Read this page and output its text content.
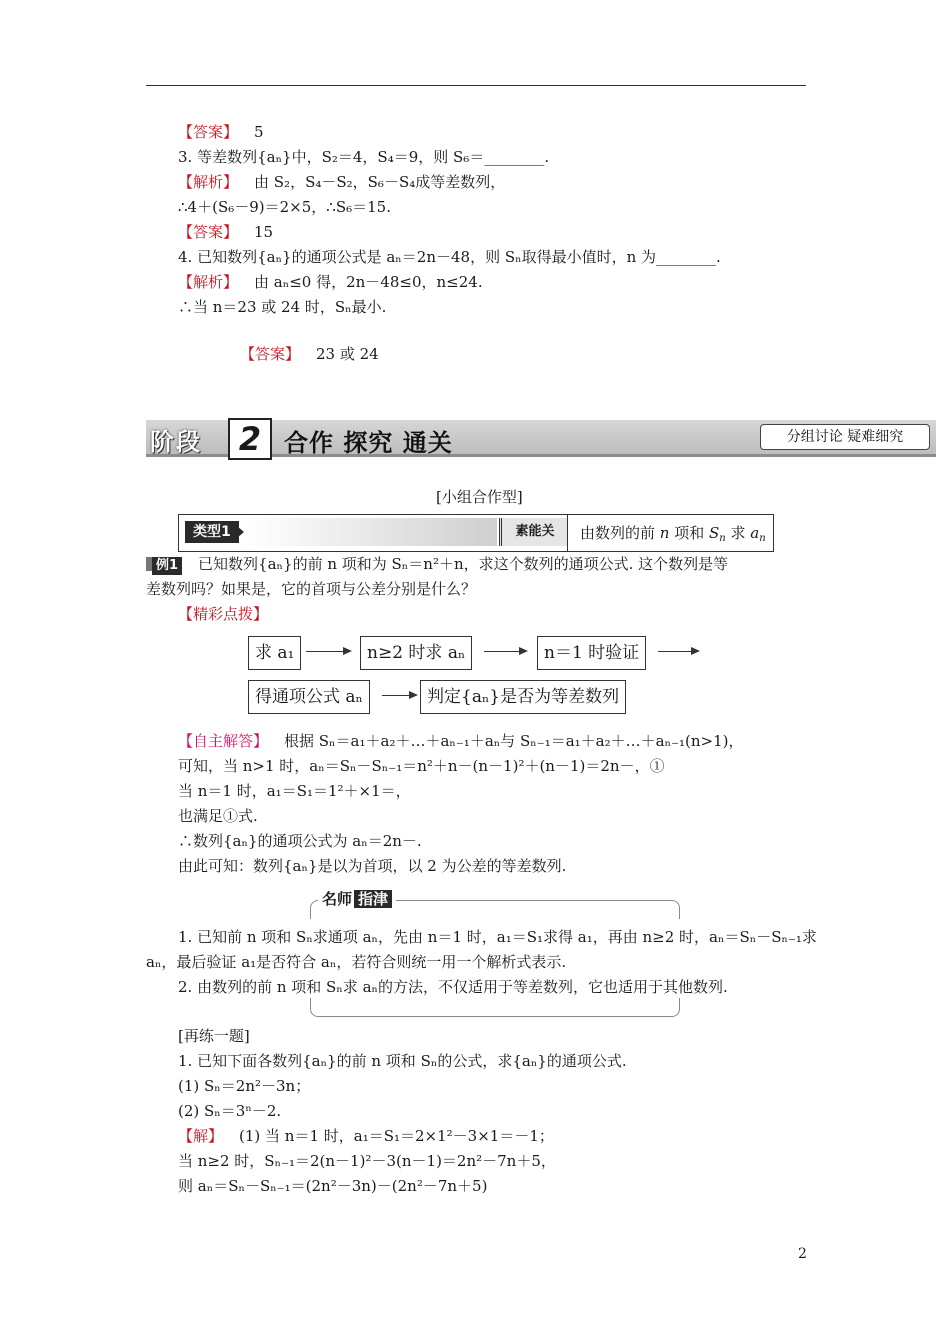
【答案】 5
3. 等差数列{aₙ}中，S₂＝4，S₄＝9，则 S₆＝________.
【解析】 由 S₂，S₄－S₂，S₆－S₄成等差数列，
∴4＋(S₆－9)＝2×5，∴S₆＝15.
【答案】 15
4. 已知数列{aₙ}的通项公式是 aₙ＝2n－48，则 Sₙ取得最小值时，n 为________.
【解析】 由 aₙ≤0 得，2n－48≤0，n≤24.
∴当 n＝23 或 24 时，Sₙ最小.
【答案】 23 或 24
阶段	2 合作 探究 通关	分组讨论 疑难细究
[小组合作型]
类型1	素能关	由数列的前 n 项和 $S_n$ 求 $a_n$
例1 已知数列{aₙ}的前 n 项和为 Sₙ＝n²＋n，求这个数列的通项公式. 这个数列是等
差数列吗？如果是，它的首项与公差分别是什么？
【精彩点拨】
求 a₁	n≥2 时求 aₙ	n＝1 时验证
得通项公式 aₙ	判定{aₙ}是否为等差数列
【自主解答】 根据 Sₙ＝a₁＋a₂＋…＋aₙ₋₁＋aₙ与 Sₙ₋₁＝a₁＋a₂＋…＋aₙ₋₁(n>1)，
可知，当 n>1 时，aₙ＝Sₙ－Sₙ₋₁＝n²＋n－(n－1)²＋(n－1)＝2n－，①
当 n＝1 时，a₁＝S₁＝1²＋×1＝，
也满足①式.
∴数列{aₙ}的通项公式为 aₙ＝2n－.
由此可知：数列{aₙ}是以为首项，以 2 为公差的等差数列.
名师 指津
1. 已知前 n 项和 Sₙ求通项 aₙ，先由 n＝1 时，a₁＝S₁求得 a₁，再由 n≥2 时，aₙ＝Sₙ－Sₙ₋₁求
aₙ，最后验证 a₁是否符合 aₙ，若符合则统一用一个解析式表示.
2. 由数列的前 n 项和 Sₙ求 aₙ的方法，不仅适用于等差数列，它也适用于其他数列.
[再练一题]
1. 已知下面各数列{aₙ}的前 n 项和 Sₙ的公式，求{aₙ}的通项公式.
(1) Sₙ＝2n²－3n；
(2) Sₙ＝3ⁿ－2.
【解】 (1) 当 n＝1 时，a₁＝S₁＝2×1²－3×1＝－1；
当 n≥2 时，Sₙ₋₁＝2(n－1)²－3(n－1)＝2n²－7n＋5，
则 aₙ＝Sₙ－Sₙ₋₁＝(2n²－3n)－(2n²－7n＋5)
2
